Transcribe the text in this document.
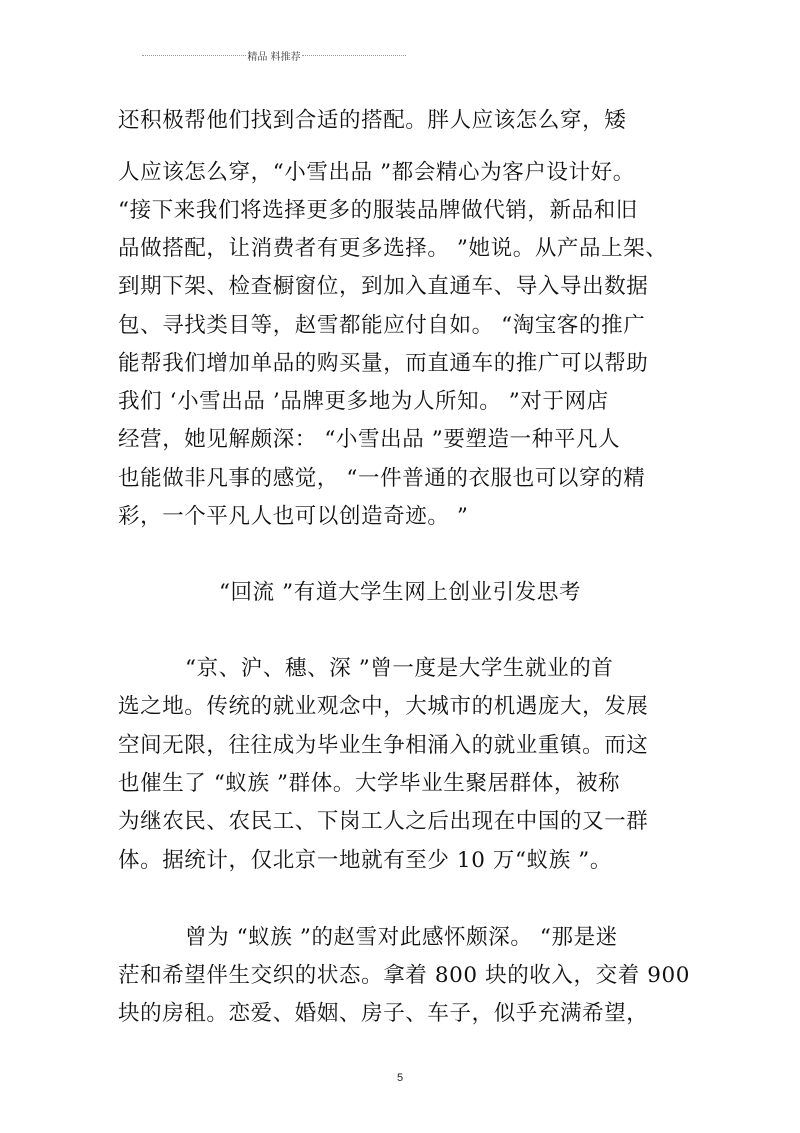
精品 料推荐
还积极帮他们找到合适的搭配。胖人应该怎么穿，矮
人应该怎么穿，“小雪出品 ”都会精心为客户设计好。
“接下来我们将选择更多的服装品牌做代销，新品和旧
品做搭配，让消费者有更多选择。 ”她说。从产品上架、
到期下架、检查橱窗位，到加入直通车、导入导出数据
包、寻找类目等，赵雪都能应付自如。 “淘宝客的推广
能帮我们增加单品的购买量，而直通车的推广可以帮助
我们 ‘小雪出品 ’品牌更多地为人所知。 ”对于网店
经营，她见解颇深： “小雪出品 ”要塑造一种平凡人
也能做非凡事的感觉， “一件普通的衣服也可以穿的精
彩，一个平凡人也可以创造奇迹。 ”
“回流 ”有道大学生网上创业引发思考
“京、沪、穗、深 ”曾一度是大学生就业的首
选之地。传统的就业观念中，大城市的机遇庞大，发展
空间无限，往往成为毕业生争相涌入的就业重镇。而这
也催生了 “蚁族 ”群体。大学毕业生聚居群体，被称
为继农民、农民工、下岗工人之后出现在中国的又一群
体。据统计，仅北京一地就有至少 10 万“蚁族 ”。
曾为 “蚁族 ”的赵雪对此感怀颇深。 “那是迷
茫和希望伴生交织的状态。拿着 800 块的收入，交着 900
块的房租。恋爱、婚姻、房子、车子，似乎充满希望，
5
